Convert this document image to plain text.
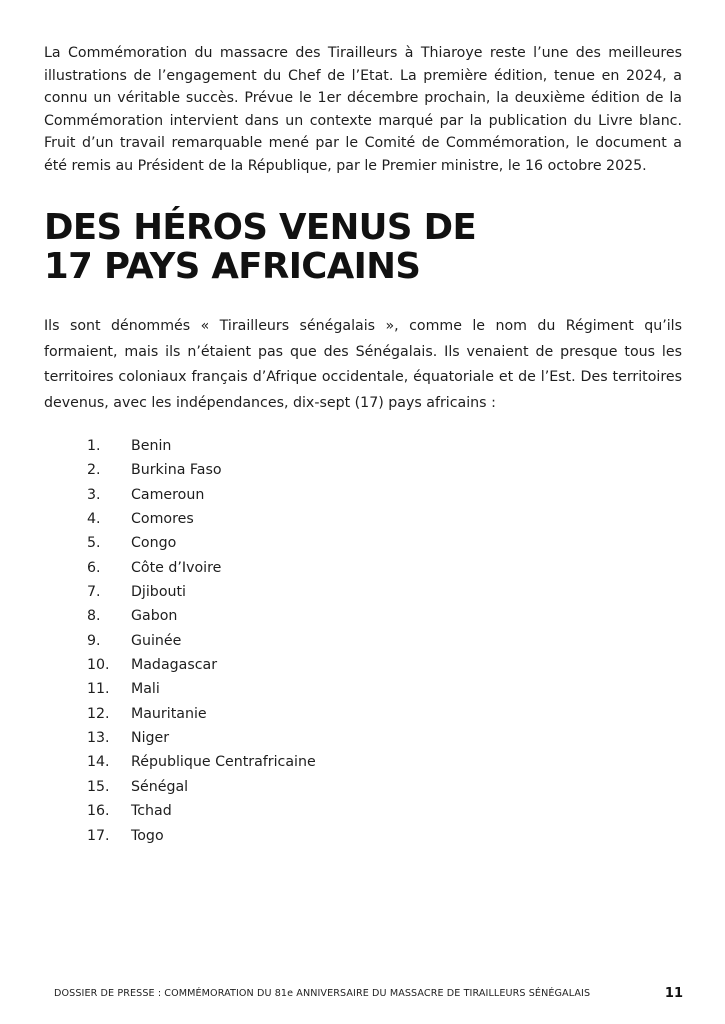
La Commémoration du massacre des Tirailleurs à Thiaroye reste l’une des meilleures illustrations de l’engagement du Chef de l’Etat. La première édition, tenue en 2024, a connu un véritable succès. Prévue le 1er décembre prochain, la deuxième édition de la Commémoration intervient dans un contexte marqué par la publication du Livre blanc. Fruit d’un travail remarquable mené par le Comité de Commémoration, le document a été remis au Président de la République, par le Premier ministre, le 16 octobre 2025.

DES HÉROS VENUS DE
17 PAYS AFRICAINS

Ils sont dénommés « Tirailleurs sénégalais », comme le nom du Régiment qu’ils formaient, mais ils n’étaient pas que des Sénégalais. Ils venaient de presque tous les territoires coloniaux français d’Afrique occidentale, équatoriale et de l’Est. Des territoires devenus, avec les indépendances, dix-sept (17) pays africains :

1. Benin
2. Burkina Faso
3. Cameroun
4. Comores
5. Congo
6. Côte d’Ivoire
7. Djibouti
8. Gabon
9. Guinée
10. Madagascar
11. Mali
12. Mauritanie
13. Niger
14. République Centrafricaine
15. Sénégal
16. Tchad
17. Togo
DOSSIER DE PRESSE : COMMÉMORATION DU 81e ANNIVERSAIRE DU MASSACRE DE TIRAILLEURS SÉNÉGALAIS	11
